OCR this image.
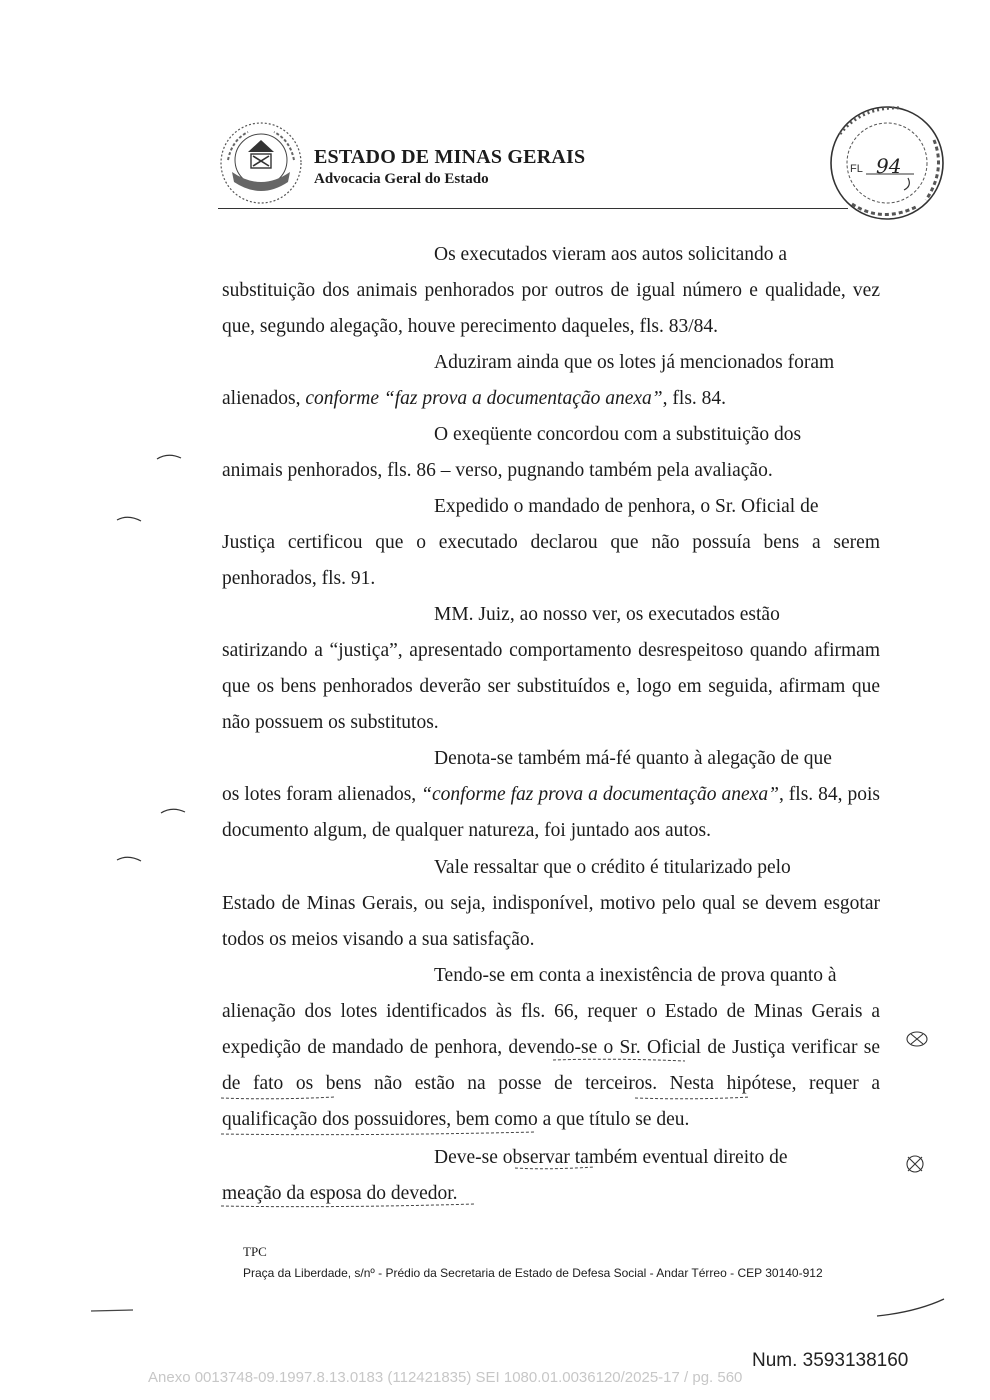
ESTADO DE MINAS GERAIS
Advocacia Geral do Estado
FL 94
Os executados vieram aos autos solicitando a
substituição dos animais penhorados por outros de igual número e qualidade, vez que, segundo alegação, houve perecimento daqueles, fls. 83/84.
Aduziram ainda que os lotes já mencionados foram
alienados, conforme “faz prova a documentação anexa”, fls. 84.
O exeqüente concordou com a substituição dos
animais penhorados, fls. 86 – verso, pugnando também pela avaliação.
Expedido o mandado de penhora, o Sr. Oficial de
Justiça certificou que o executado declarou que não possuía bens a serem penhorados, fls. 91.
MM. Juiz, ao nosso ver, os executados estão
satirizando a “justiça”, apresentado comportamento desrespeitoso quando afirmam que os bens penhorados deverão ser substituídos e, logo em seguida, afirmam que não possuem os substitutos.
Denota-se também má-fé quanto à alegação de que
os lotes foram alienados, “conforme faz prova a documentação anexa”, fls. 84, pois documento algum, de qualquer natureza, foi juntado aos autos.
Vale ressaltar que o crédito é titularizado pelo
Estado de Minas Gerais, ou seja, indisponível, motivo pelo qual se devem esgotar todos os meios visando a sua satisfação.
Tendo-se em conta a inexistência de prova quanto à
alienação dos lotes identificados às fls. 66, requer o Estado de Minas Gerais a expedição de mandado de penhora, devendo-se o Sr. Oficial de Justiça verificar se de fato os bens não estão na posse de terceiros. Nesta hipótese, requer a qualificação dos possuidores, bem como a que título se deu.
Deve-se observar também eventual direito de
meação da esposa do devedor.
TPC
Praça da Liberdade, s/nº - Prédio da Secretaria de Estado de Defesa Social - Andar Térreo - CEP 30140-912
Num. 3593138160
Anexo 0013748-09.1997.8.13.0183 (112421835) SEI 1080.01.0036120/2025-17 / pg. 560
